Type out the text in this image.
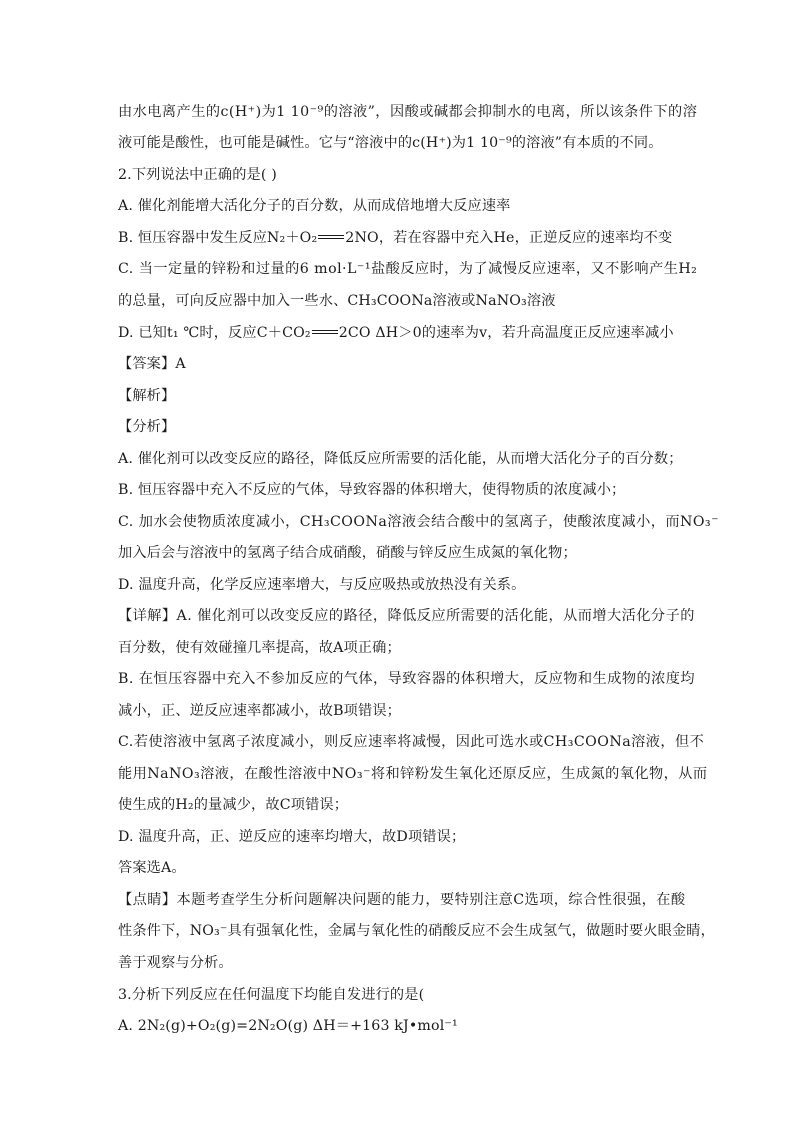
由水电离产生的c(H⁺)为1 10⁻⁹的溶液”，因酸或碱都会抑制水的电离，所以该条件下的溶
液可能是酸性，也可能是碱性。它与“溶液中的c(H⁺)为1 10⁻⁹的溶液”有本质的不同。
2.下列说法中正确的是( )
A. 催化剂能增大活化分子的百分数，从而成倍地增大反应速率
B. 恒压容器中发生反应N₂＋O₂ 2NO，若在容器中充入He，正逆反应的速率均不变
C. 当一定量的锌粉和过量的6 mol·L⁻¹盐酸反应时，为了减慢反应速率，又不影响产生H₂
的总量，可向反应器中加入一些水、CH₃COONa溶液或NaNO₃溶液
D. 已知t₁ ℃时，反应C＋CO₂ 2CO ΔH＞0的速率为v，若升高温度正反应速率减小
【答案】A
【解析】
【分析】
A. 催化剂可以改变反应的路径，降低反应所需要的活化能，从而增大活化分子的百分数；
B. 恒压容器中充入不反应的气体，导致容器的体积增大，使得物质的浓度减小；
C. 加水会使物质浓度减小，CH₃COONa溶液会结合酸中的氢离子，使酸浓度减小，而NO₃⁻
加入后会与溶液中的氢离子结合成硝酸，硝酸与锌反应生成氮的氧化物；
D. 温度升高，化学反应速率增大，与反应吸热或放热没有关系。
【详解】A. 催化剂可以改变反应的路径，降低反应所需要的活化能，从而增大活化分子的
百分数，使有效碰撞几率提高，故A项正确；
B. 在恒压容器中充入不参加反应的气体，导致容器的体积增大，反应物和生成物的浓度均
减小，正、逆反应速率都减小，故B项错误；
C.若使溶液中氢离子浓度减小，则反应速率将减慢，因此可选水或CH₃COONa溶液，但不
能用NaNO₃溶液，在酸性溶液中NO₃⁻将和锌粉发生氧化还原反应，生成氮的氧化物，从而
使生成的H₂的量减少，故C项错误；
D. 温度升高，正、逆反应的速率均增大，故D项错误；
答案选A。
【点睛】本题考查学生分析问题解决问题的能力，要特别注意C选项，综合性很强，在酸
性条件下，NO₃⁻具有强氧化性，金属与氧化性的硝酸反应不会生成氢气，做题时要火眼金睛，
善于观察与分析。
3.分析下列反应在任何温度下均能自发进行的是(
A. 2N₂(g)+O₂(g)=2N₂O(g) ΔH＝+163 kJ•mol⁻¹
